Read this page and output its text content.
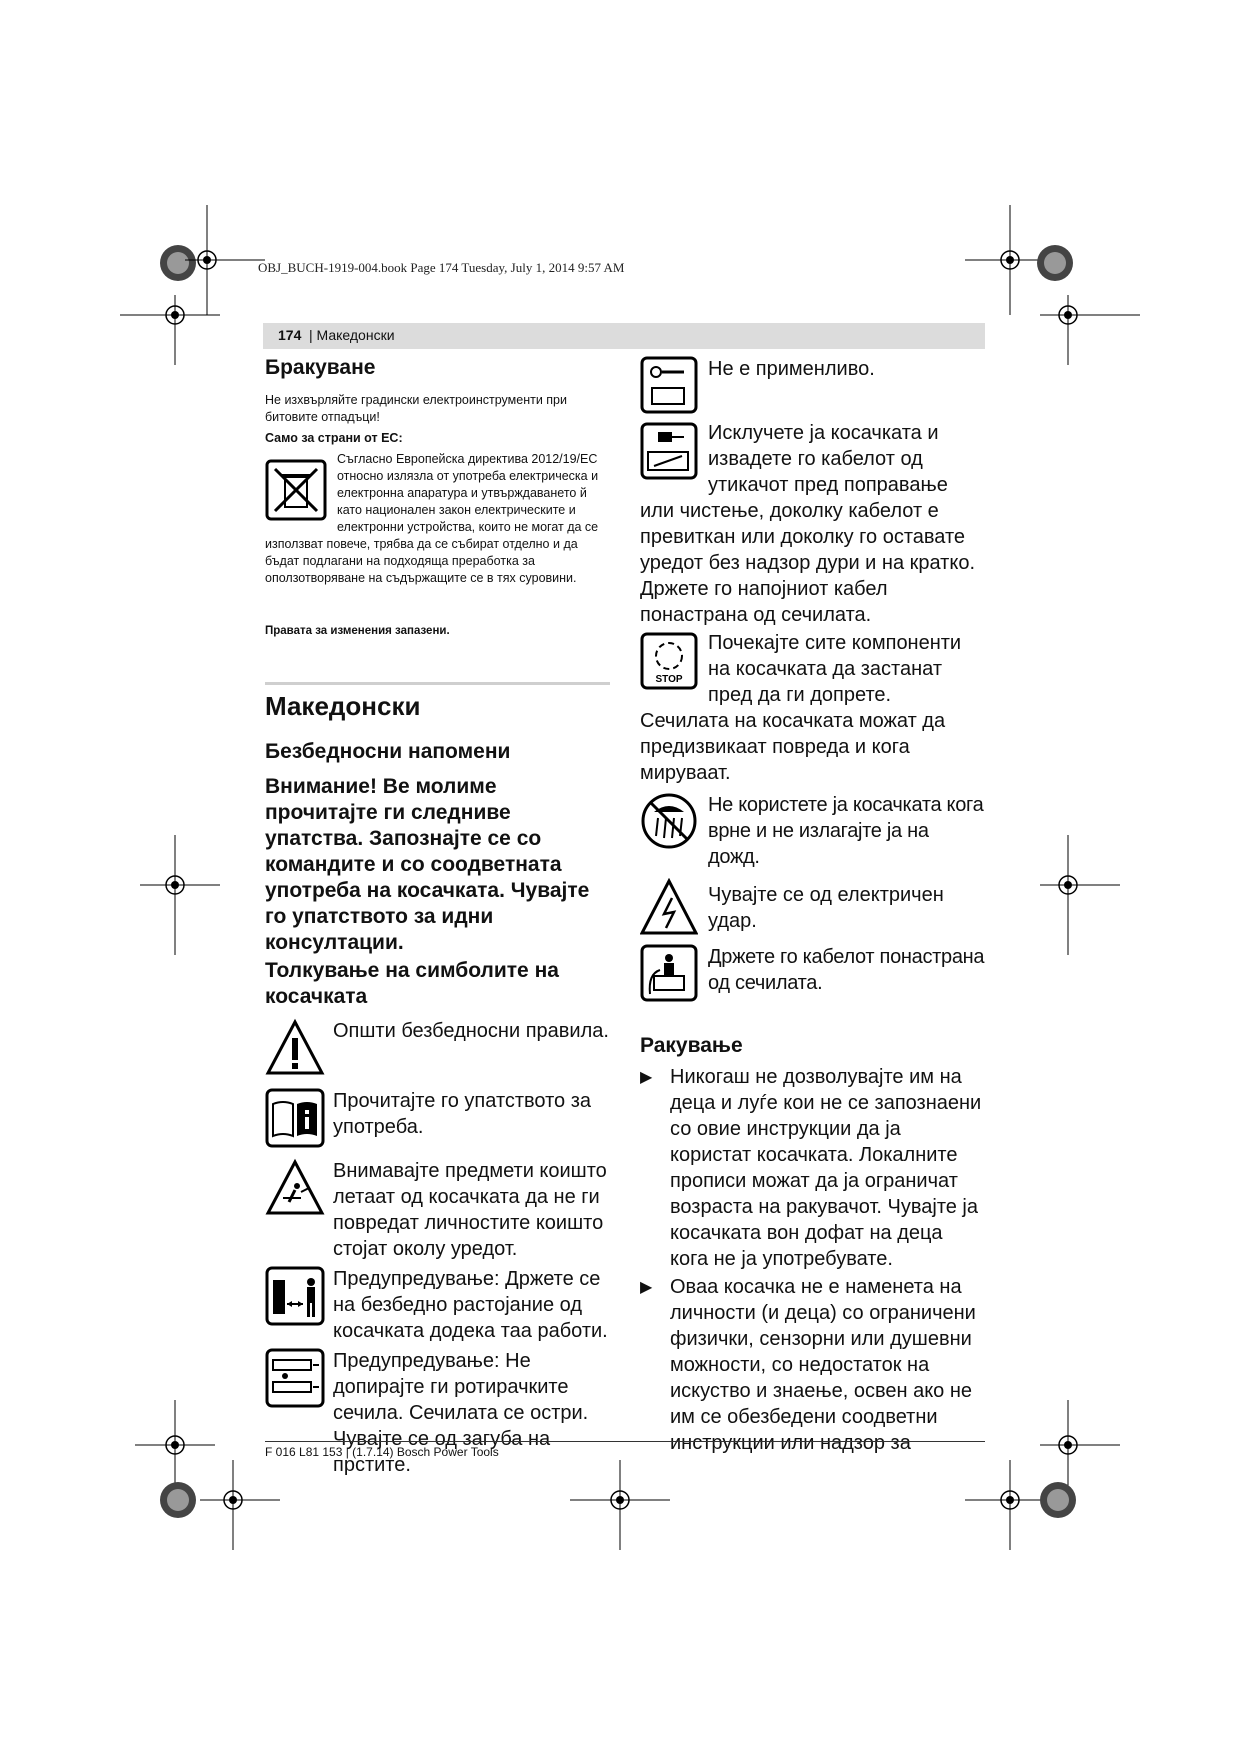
OBJ_BUCH-1919-004.book Page 174 Tuesday, July 1, 2014 9:57 AM
174 | Македонски
Бракуване
Не изхвърляйте градински електроинструменти при битовите отпадъци!
Само за страни от ЕС:
Съгласно Европейска директива 2012/19/EC относно излязла от употреба електрическа и електронна апаратура и утвърждаването й като национален закон електрическите и електронни устройства, които не могат да се използват повече, трябва да се събират отделно и да бъдат подлагани на подходяща преработка за оползотворяване на съдържащите се в тях суровини.
Правата за изменения запазени.
Македонски
Безбедносни напомени
Внимание! Ве молиме прочитајте ги следниве упатства. Запознајте се со командите и со соодветната употреба на косачката. Чувајте го упатството за идни консултации.
Толкување на симболите на косачката
Општи безбедносни правила.
Прочитајте го упатството за употреба.
Внимавајте предмети коишто летаат од косачката да не ги повредат личностите коишто стојат околу уредот.
Предупредување: Држете се на безбедно растојание од косачката додека таа работи.
Предупредување: Не допирајте ги ротирачките сечила. Сечилата се остри. Чувајте се од загуба на прстите.
Не е применливо.
Исклучете ја косачката и извадете го кабелот од утикачот пред поправање или чистење, доколку кабелот е превиткан или доколку го оставате уредот без надзор дури и на кратко. Држете го напојниот кабел понастрана од сечилата.
STOP
Почекајте сите компоненти на косачката да застанат пред да ги допрете. Сечилата на косачката можат да предизвикаат повреда и кога мируваат.
Не користете ја косачката кога врне и не излагајте ја на дожд.
Чувајте се од електричен удар.
Држете го кабелот понастрана од сечилата.
Ракување
▶ Никогаш не дозволувајте им на деца и луѓе кои не се запознаени со овие инструкции да ја користат косачката. Локалните прописи можат да ја ограничат возраста на ракувачот. Чувајте ја косачката вон дофат на деца кога не ја употребувате.
▶ Оваа косачка не е наменета на личности (и деца) со ограничени физички, сензорни или душевни можности, со недостаток на искуство и знаење, освен ако не им се обезбедени соодветни инструкции или надзор за
F 016 L81 153 | (1.7.14) Bosch Power Tools
